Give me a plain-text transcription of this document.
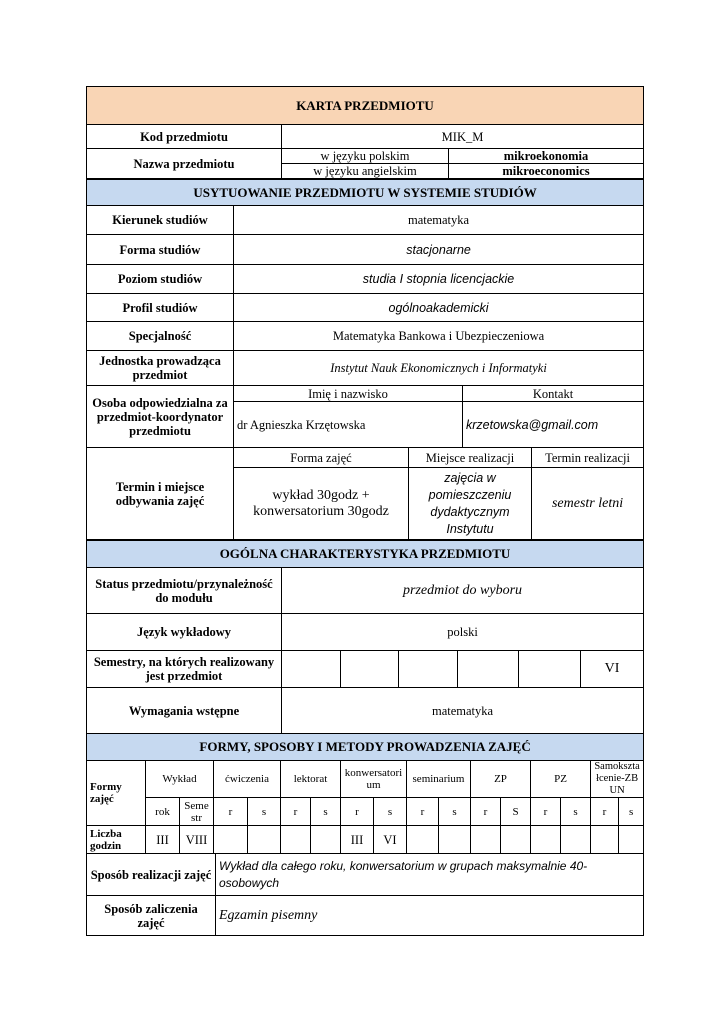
KARTA PRZEDMIOTU		
Kod przedmiotu	MIK_M	
Nazwa przedmiotu	w języku polskim	mikroekonomia
	w języku angielskim	mikroeconomics
USYTUOWANIE PRZEDMIOTU W SYSTEMIE STUDIÓW				
Kierunek studiów	matematyka			
Forma studiów	stacjonarne			
Poziom studiów	studia I stopnia licencjackie			
Profil studiów	ogólnoakademicki			
Specjalność	Matematyka Bankowa i Ubezpieczeniowa			
Jednostka prowadząca przedmiot	Instytut Nauk Ekonomicznych i Informatyki			
Osoba odpowiedzialna za przedmiot-koordynator przedmiotu	Imię i nazwisko		Kontakt	
	dr Agnieszka Krzętowska		krzetowska@gmail.com	
Termin i miejsce odbywania zajęć	Forma zajęć	Miejsce realizacji		Termin realizacji
	wykład 30godz + konwersatorium 30godz	zajęcia w pomieszczeniu dydaktycznym Instytutu		semestr letni
OGÓLNA CHARAKTERYSTYKA PRZEDMIOTU						
Status przedmiotu/przynależność do modułu	przedmiot do wyboru					
Język wykładowy	polski					
Semestry, na których realizowany jest przedmiot						VI
Wymagania wstępne	matematyka					
FORMY, SPOSOBY I METODY PROWADZENIA ZAJĘĆ																
Formy zajęć	Wykład		ćwiczenia		lektorat		konwersatorium		seminarium		ZP		PZ		Samokształcenie-ZBUN	
	rok	Semestr	r	s	r	s	r	s	r	s	r	S	r	s	r	s
Liczba godzin	III	VIII					III	VI								
Sposób realizacji zajęć	Wykład dla całego roku, konwersatorium w grupach maksymalnie 40-osobowych
Sposób zaliczenia zajęć	Egzamin pisemny
